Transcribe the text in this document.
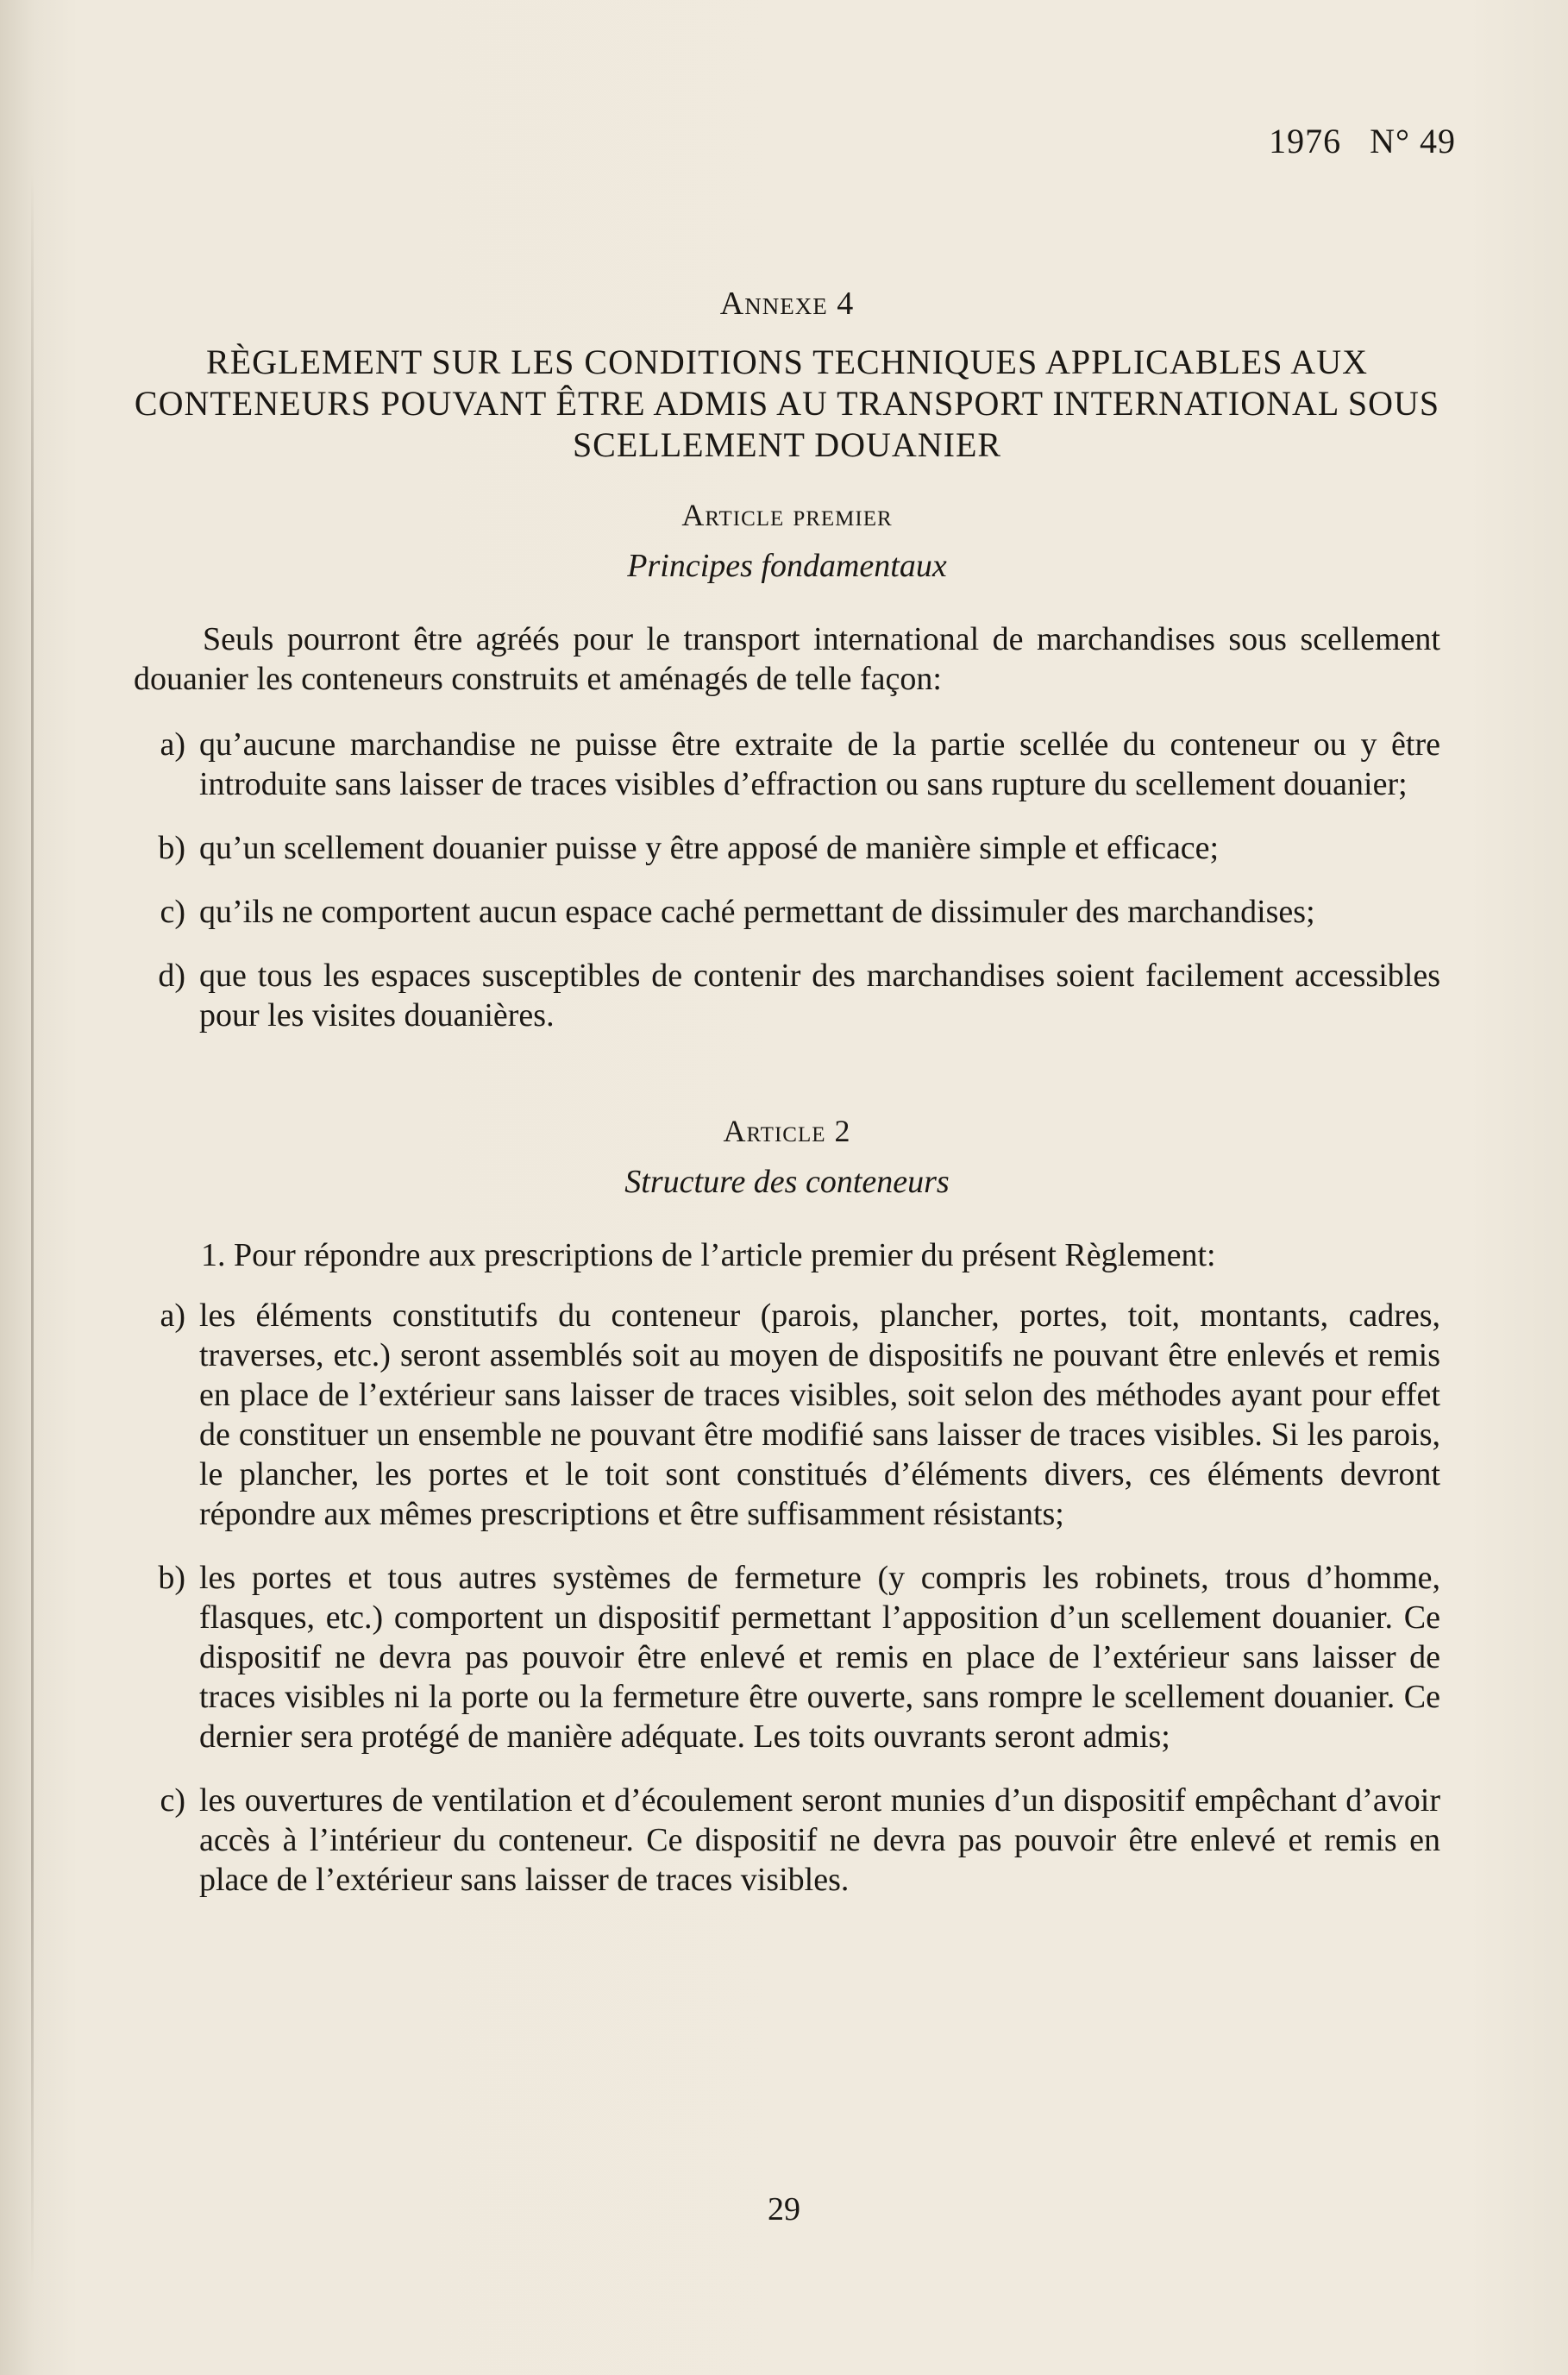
1976 N° 49
Annexe 4
RÈGLEMENT SUR LES CONDITIONS TECHNIQUES APPLICABLES AUX CONTENEURS POUVANT ÊTRE ADMIS AU TRANSPORT INTERNATIONAL SOUS SCELLEMENT DOUANIER
Article premier
Principes fondamentaux

Seuls pourront être agréés pour le transport international de marchandises sous scellement douanier les conteneurs construits et aménagés de telle façon:

a) qu’aucune marchandise ne puisse être extraite de la partie scellée du conteneur ou y être introduite sans laisser de traces visibles d’effraction ou sans rupture du scellement douanier;

b) qu’un scellement douanier puisse y être apposé de manière simple et efficace;

c) qu’ils ne comportent aucun espace caché permettant de dissimuler des marchandises;

d) que tous les espaces susceptibles de contenir des marchandises soient facilement accessibles pour les visites douanières.

Article 2
Structure des conteneurs

1. Pour répondre aux prescriptions de l’article premier du présent Règlement:

a) les éléments constitutifs du conteneur (parois, plancher, portes, toit, montants, cadres, traverses, etc.) seront assemblés soit au moyen de dispositifs ne pouvant être enlevés et remis en place de l’extérieur sans laisser de traces visibles, soit selon des méthodes ayant pour effet de constituer un ensemble ne pouvant être modifié sans laisser de traces visibles. Si les parois, le plancher, les portes et le toit sont constitués d’éléments divers, ces éléments devront répondre aux mêmes prescriptions et être suffisamment résistants;

b) les portes et tous autres systèmes de fermeture (y compris les robinets, trous d’homme, flasques, etc.) comportent un dispositif permettant l’apposition d’un scellement douanier. Ce dispositif ne devra pas pouvoir être enlevé et remis en place de l’extérieur sans laisser de traces visibles ni la porte ou la fermeture être ouverte, sans rompre le scellement douanier. Ce dernier sera protégé de manière adéquate. Les toits ouvrants seront admis;

c) les ouvertures de ventilation et d’écoulement seront munies d’un dispositif empêchant d’avoir accès à l’intérieur du conteneur. Ce dispositif ne devra pas pouvoir être enlevé et remis en place de l’extérieur sans laisser de traces visibles.

29
